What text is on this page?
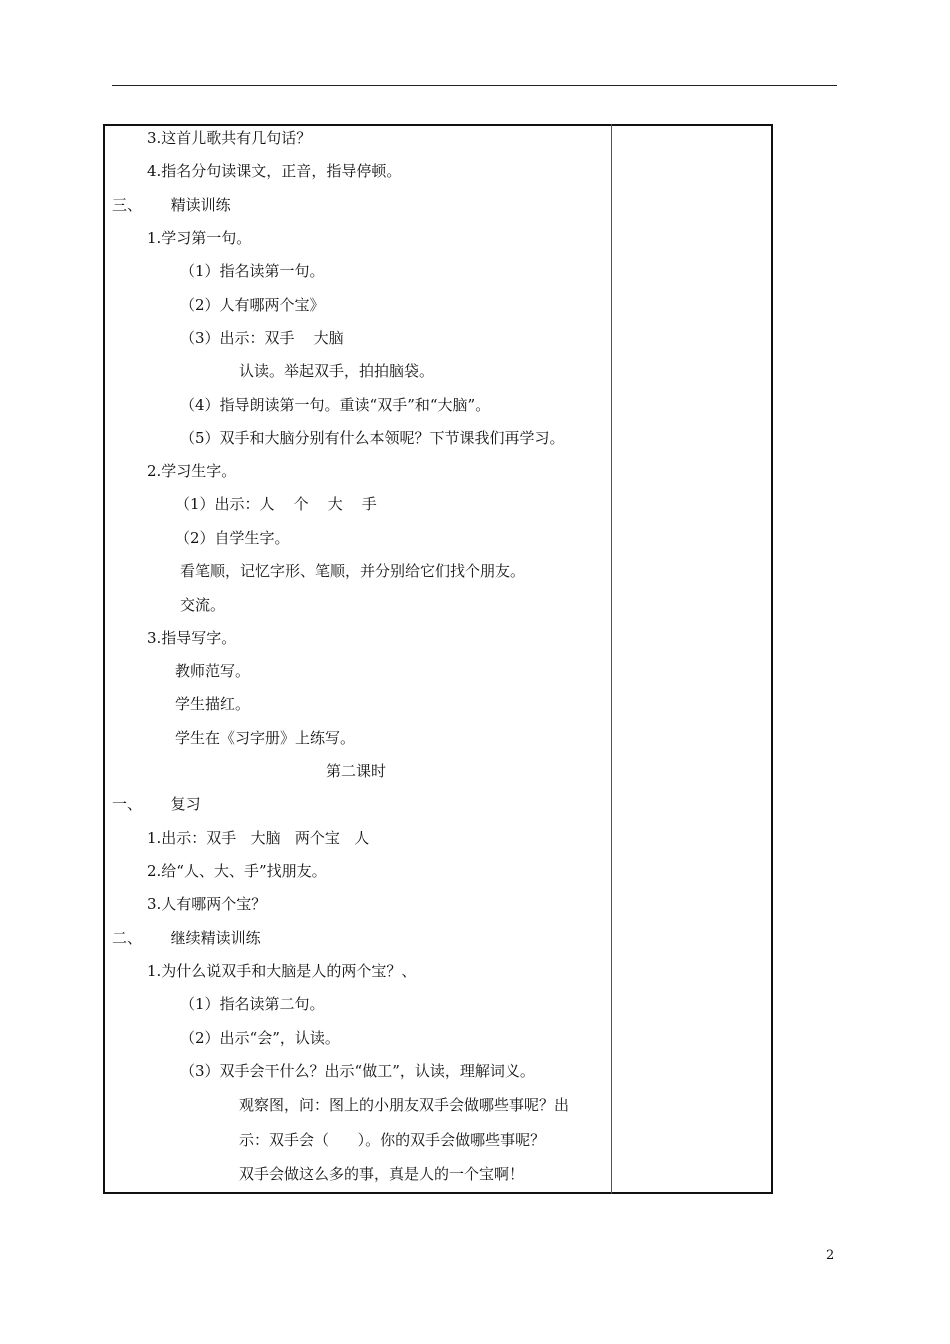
3.这首儿歌共有几句话？
4.指名分句读课文，正音，指导停顿。
三、      精读训练
1.学习第一句。
（1）指名读第一句。
（2）人有哪两个宝》
（3）出示：双手    大脑
认读。举起双手，拍拍脑袋。
（4）指导朗读第一句。重读“双手”和“大脑”。
（5）双手和大脑分别有什么本领呢？下节课我们再学习。
2.学习生字。
（1）出示：人    个    大    手
（2）自学生字。
看笔顺，记忆字形、笔顺，并分别给它们找个朋友。
交流。
3.指导写字。
教师范写。
学生描红。
学生在《习字册》上练写。
第二课时
一、      复习
1.出示：双手   大脑   两个宝   人
2.给“人、大、手”找朋友。
3.人有哪两个宝？
二、      继续精读训练
1.为什么说双手和大脑是人的两个宝？、
（1）指名读第二句。
（2）出示“会”，认读。
（3）双手会干什么？出示“做工”，认读，理解词义。
观察图，问：图上的小朋友双手会做哪些事呢？出
示：双手会（      ）。你的双手会做哪些事呢？
双手会做这么多的事，真是人的一个宝啊！
2
